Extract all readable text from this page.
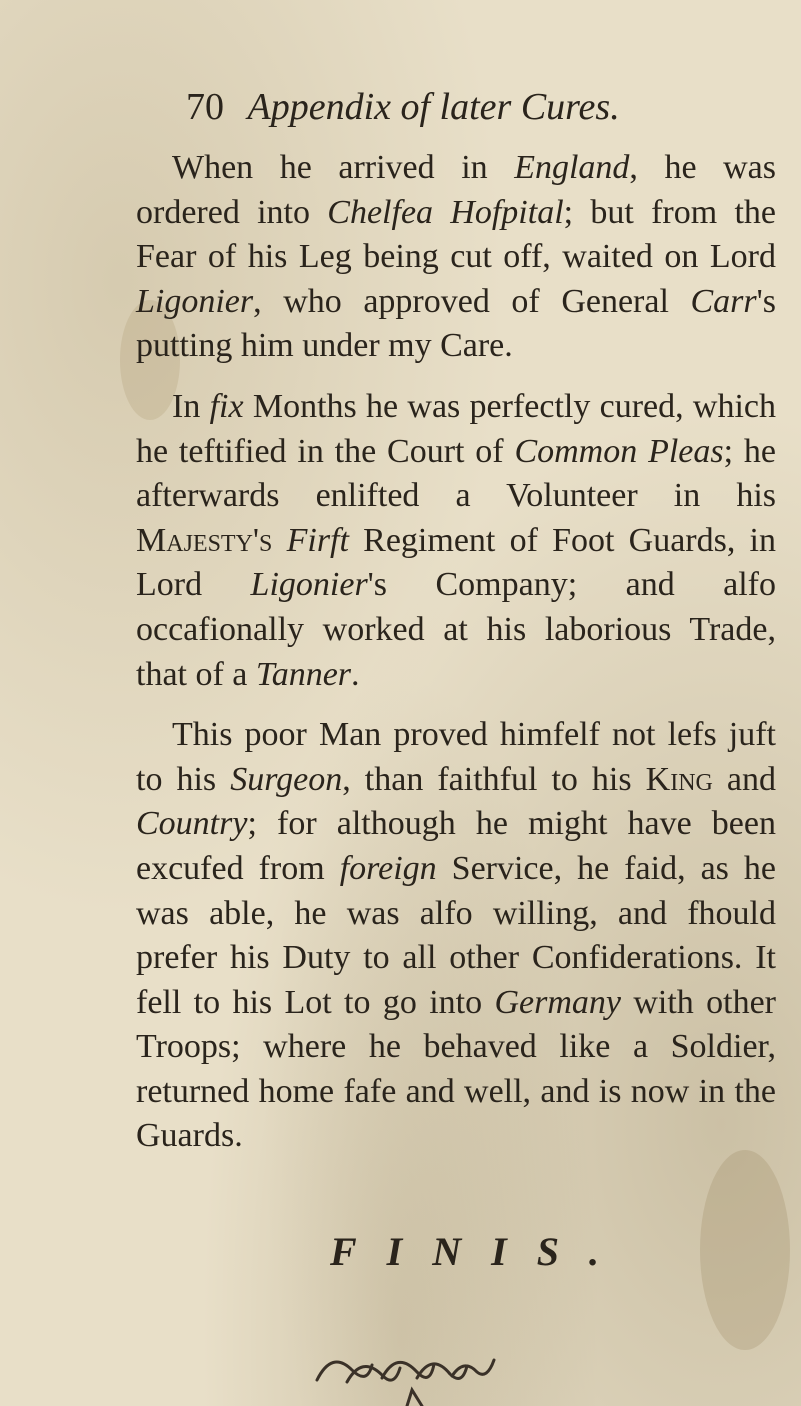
70 Appendix of later Cures.

When he arrived in England, he was ordered into Chelfea Hofpital; but from the Fear of his Leg being cut off, waited on Lord Ligonier, who approved of General Carr's putting him under my Care.

In fix Months he was perfectly cured, which he teftified in the Court of Common Pleas; he afterwards enlifted a Volunteer in his Majesty's Firft Regiment of Foot Guards, in Lord Ligonier's Company; and alfo occafionally worked at his laborious Trade, that of a Tanner.

This poor Man proved himfelf not lefs juft to his Surgeon, than faithful to his King and Country; for although he might have been excufed from foreign Service, he faid, as he was able, he was alfo willing, and fhould prefer his Duty to all other Confiderations. It fell to his Lot to go into Germany with other Troops; where he behaved like a Soldier, returned home fafe and well, and is now in the Guards.

FINIS.
